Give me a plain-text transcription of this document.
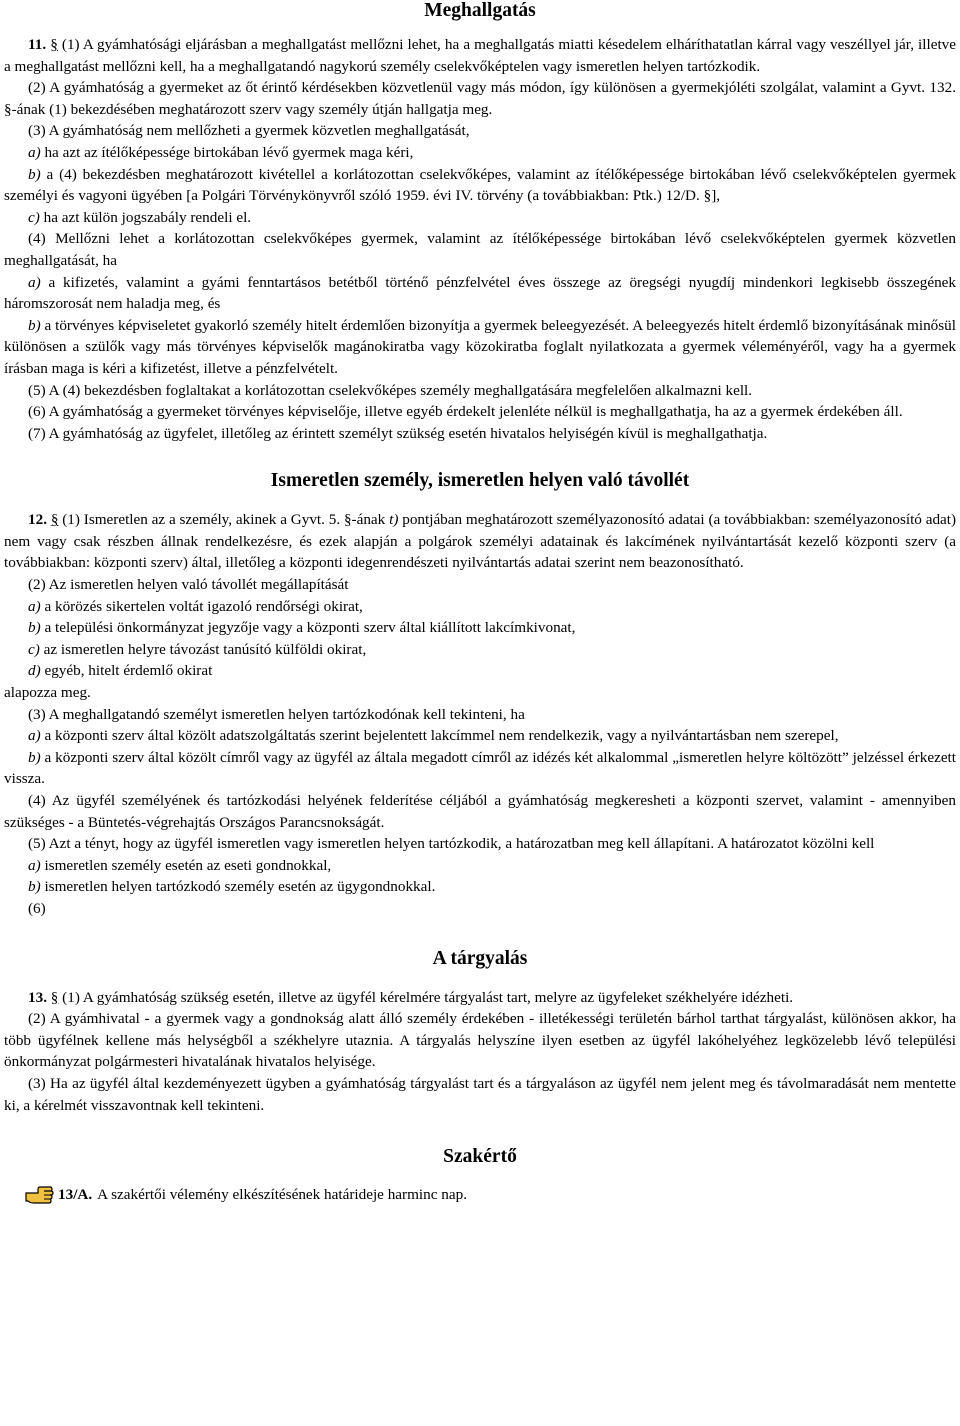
Meghallgatás

11. § (1) A gyámhatósági eljárásban a meghallgatást mellőzni lehet, ha a meghallgatás miatti késedelem elháríthatatlan kárral vagy veszéllyel jár, illetve a meghallgatást mellőzni kell, ha a meghallgatandó nagykorú személy cselekvőképtelen vagy ismeretlen helyen tartózkodik.

(2) A gyámhatóság a gyermeket az őt érintő kérdésekben közvetlenül vagy más módon, így különösen a gyermekjóléti szolgálat, valamint a Gyvt. 132. §-ának (1) bekezdésében meghatározott szerv vagy személy útján hallgatja meg.

(3) A gyámhatóság nem mellőzheti a gyermek közvetlen meghallgatását,

a) ha azt az ítélőképessége birtokában lévő gyermek maga kéri,

b) a (4) bekezdésben meghatározott kivétellel a korlátozottan cselekvőképes, valamint az ítélőképessége birtokában lévő cselekvőképtelen gyermek személyi és vagyoni ügyében [a Polgári Törvénykönyvről szóló 1959. évi IV. törvény (a továbbiakban: Ptk.) 12/D. §],

c) ha azt külön jogszabály rendeli el.

(4) Mellőzni lehet a korlátozottan cselekvőképes gyermek, valamint az ítélőképessége birtokában lévő cselekvőképtelen gyermek közvetlen meghallgatását, ha

a) a kifizetés, valamint a gyámi fenntartásos betétből történő pénzfelvétel éves összege az öregségi nyugdíj mindenkori legkisebb összegének háromszorosát nem haladja meg, és

b) a törvényes képviseletet gyakorló személy hitelt érdemlően bizonyítja a gyermek beleegyezését. A beleegyezés hitelt érdemlő bizonyításának minősül különösen a szülők vagy más törvényes képviselők magánokiratba vagy közokiratba foglalt nyilatkozata a gyermek véleményéről, vagy ha a gyermek írásban maga is kéri a kifizetést, illetve a pénzfelvételt.

(5) A (4) bekezdésben foglaltakat a korlátozottan cselekvőképes személy meghallgatására megfelelően alkalmazni kell.

(6) A gyámhatóság a gyermeket törvényes képviselője, illetve egyéb érdekelt jelenléte nélkül is meghallgathatja, ha az a gyermek érdekében áll.

(7) A gyámhatóság az ügyfelet, illetőleg az érintett személyt szükség esetén hivatalos helyiségén kívül is meghallgathatja.

Ismeretlen személy, ismeretlen helyen való távollét

12. § (1) Ismeretlen az a személy, akinek a Gyvt. 5. §-ának t) pontjában meghatározott személyazonosító adatai (a továbbiakban: személyazonosító adat) nem vagy csak részben állnak rendelkezésre, és ezek alapján a polgárok személyi adatainak és lakcímének nyilvántartását kezelő központi szerv (a továbbiakban: központi szerv) által, illetőleg a központi idegenrendészeti nyilvántartás adatai szerint nem beazonosítható.

(2) Az ismeretlen helyen való távollét megállapítását

a) a körözés sikertelen voltát igazoló rendőrségi okirat,

b) a települési önkormányzat jegyzője vagy a központi szerv által kiállított lakcímkivonat,

c) az ismeretlen helyre távozást tanúsító külföldi okirat,

d) egyéb, hitelt érdemlő okirat

alapozza meg.

(3) A meghallgatandó személyt ismeretlen helyen tartózkodónak kell tekinteni, ha

a) a központi szerv által közölt adatszolgáltatás szerint bejelentett lakcímmel nem rendelkezik, vagy a nyilvántartásban nem szerepel,

b) a központi szerv által közölt címről vagy az ügyfél az általa megadott címről az idézés két alkalommal „ismeretlen helyre költözött” jelzéssel érkezett vissza.

(4) Az ügyfél személyének és tartózkodási helyének felderítése céljából a gyámhatóság megkeresheti a központi szervet, valamint - amennyiben szükséges - a Büntetés-végrehajtás Országos Parancsnokságát.

(5) Azt a tényt, hogy az ügyfél ismeretlen vagy ismeretlen helyen tartózkodik, a határozatban meg kell állapítani. A határozatot közölni kell

a) ismeretlen személy esetén az eseti gondnokkal,

b) ismeretlen helyen tartózkodó személy esetén az ügygondnokkal.

(6)

A tárgyalás

13. § (1) A gyámhatóság szükség esetén, illetve az ügyfél kérelmére tárgyalást tart, melyre az ügyfeleket székhelyére idézheti.

(2) A gyámhivatal - a gyermek vagy a gondnokság alatt álló személy érdekében - illetékességi területén bárhol tarthat tárgyalást, különösen akkor, ha több ügyfélnek kellene más helységből a székhelyre utaznia. A tárgyalás helyszíne ilyen esetben az ügyfél lakóhelyéhez legközelebb lévő települési önkormányzat polgármesteri hivatalának hivatalos helyisége.

(3) Ha az ügyfél által kezdeményezett ügyben a gyámhatóság tárgyalást tart és a tárgyaláson az ügyfél nem jelent meg és távolmaradását nem mentette ki, a kérelmét visszavontnak kell tekinteni.

Szakértő
13/A. A szakértői vélemény elkészítésének határideje harminc nap.
